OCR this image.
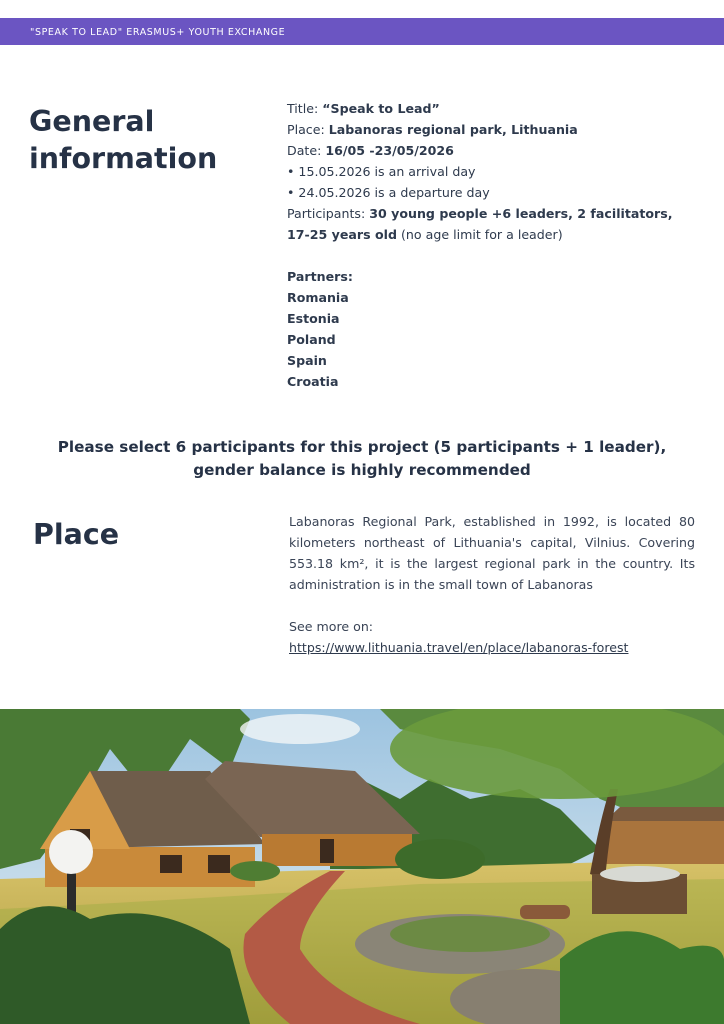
"SPEAK TO LEAD" ERASMUS+ YOUTH EXCHANGE
General
information
Title: “Speak to Lead”
Place: Labanoras regional park, Lithuania
Date: 16/05 -23/05/2026
• 15.05.2026 is an arrival day
• 24.05.2026 is a departure day
Participants: 30 young people +6 leaders, 2 facilitators, 17-25 years old (no age limit for a leader)
Partners:
Romania
Estonia
Poland
Spain
Croatia
Please select 6 participants for this project (5 participants + 1 leader),
gender balance is highly recommended
Place	Labanoras Regional Park, established in 1992, is located 80 kilometers northeast of Lithuania's capital, Vilnius. Covering 553.18 km², it is the largest regional park in the country. Its administration is in the small town of Labanoras
See more on:
https://www.lithuania.travel/en/place/labanoras-forest
